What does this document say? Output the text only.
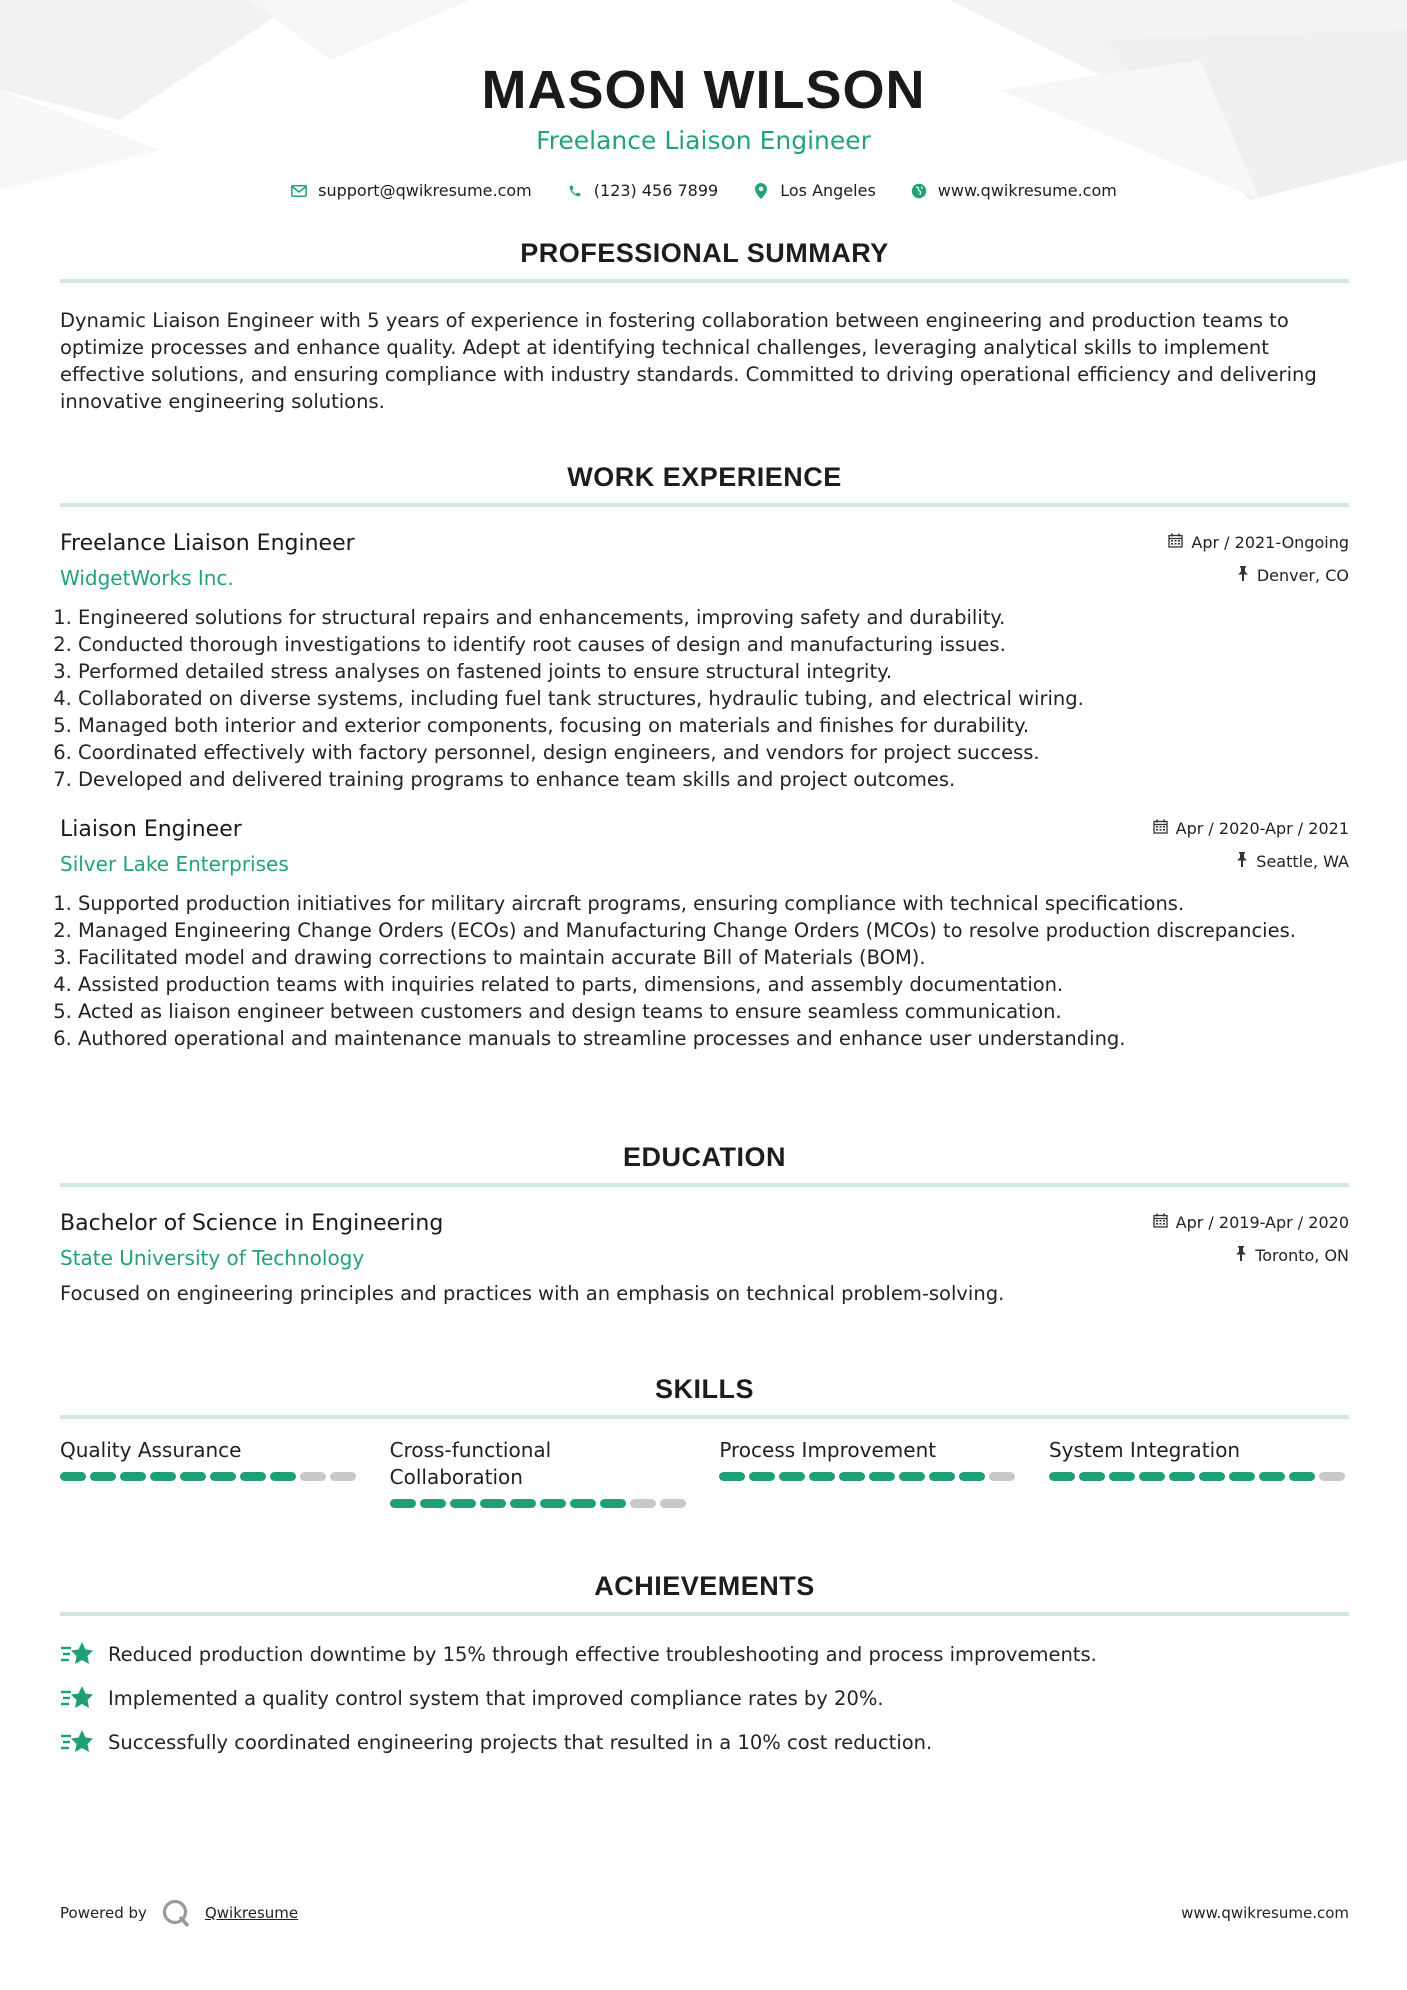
MASON WILSON
Freelance Liaison Engineer
support@qwikresume.com	(123) 456 7899	Los Angeles	www.qwikresume.com
PROFESSIONAL SUMMARY
Dynamic Liaison Engineer with 5 years of experience in fostering collaboration between engineering and production teams to optimize processes and enhance quality. Adept at identifying technical challenges, leveraging analytical skills to implement effective solutions, and ensuring compliance with industry standards. Committed to driving operational efficiency and delivering innovative engineering solutions.
WORK EXPERIENCE
Freelance Liaison Engineer
WidgetWorks Inc.
Apr / 2021-Ongoing
Denver, CO
1. Engineered solutions for structural repairs and enhancements, improving safety and durability.
2. Conducted thorough investigations to identify root causes of design and manufacturing issues.
3. Performed detailed stress analyses on fastened joints to ensure structural integrity.
4. Collaborated on diverse systems, including fuel tank structures, hydraulic tubing, and electrical wiring.
5. Managed both interior and exterior components, focusing on materials and finishes for durability.
6. Coordinated effectively with factory personnel, design engineers, and vendors for project success.
7. Developed and delivered training programs to enhance team skills and project outcomes.
Liaison Engineer
Silver Lake Enterprises
Apr / 2020-Apr / 2021
Seattle, WA
1. Supported production initiatives for military aircraft programs, ensuring compliance with technical specifications.
2. Managed Engineering Change Orders (ECOs) and Manufacturing Change Orders (MCOs) to resolve production discrepancies.
3. Facilitated model and drawing corrections to maintain accurate Bill of Materials (BOM).
4. Assisted production teams with inquiries related to parts, dimensions, and assembly documentation.
5. Acted as liaison engineer between customers and design teams to ensure seamless communication.
6. Authored operational and maintenance manuals to streamline processes and enhance user understanding.
EDUCATION
Bachelor of Science in Engineering
State University of Technology
Apr / 2019-Apr / 2020
Toronto, ON
Focused on engineering principles and practices with an emphasis on technical problem-solving.
SKILLS
Quality Assurance	Cross-functional Collaboration
Process Improvement	System Integration
ACHIEVEMENTS
Reduced production downtime by 15% through effective troubleshooting and process improvements.
Implemented a quality control system that improved compliance rates by 20%.
Successfully coordinated engineering projects that resulted in a 10% cost reduction.
Powered by	Qwikresume	www.qwikresume.com
